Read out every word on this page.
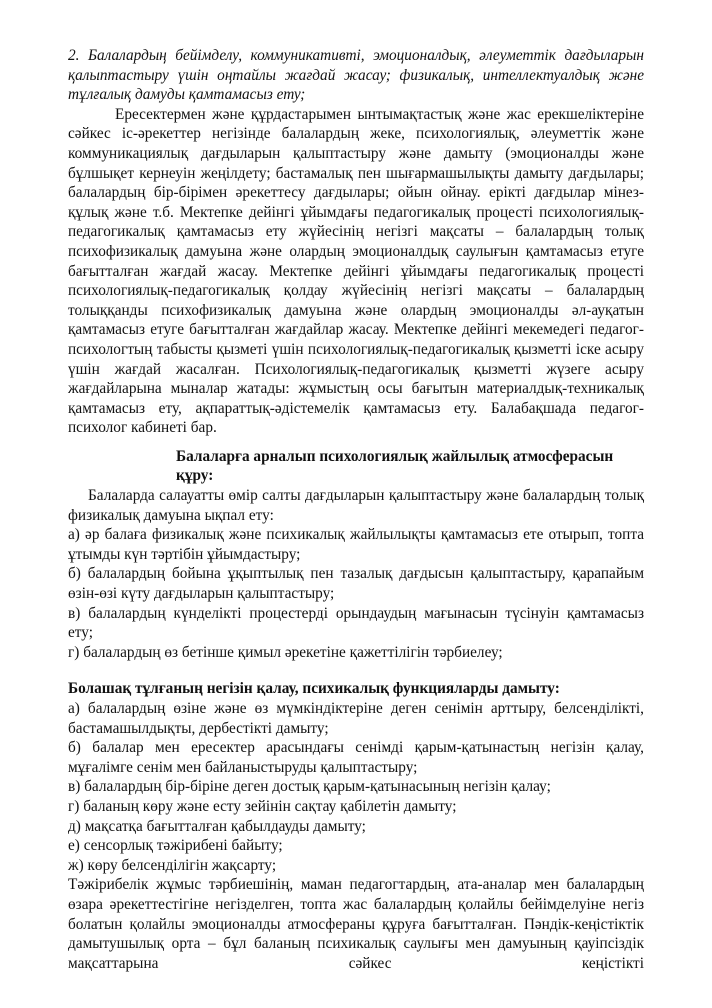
2. Балалардың бейімделу, коммуникативті, эмоционалдық, әлеуметтік дағдыларын қалыптастыру үшін оңтайлы жағдай жасау; физикалық, интеллектуалдық және тұлғалық дамуды қамтамасыз ету;

Ересектермен және құрдастарымен ынтымақтастық және жас ерекшеліктеріне сәйкес іс-әрекеттер негізінде балалардың жеке, психологиялық, әлеуметтік және коммуникациялық дағдыларын қалыптастыру және дамыту (эмоционалды және бұлшықет кернеуін жеңілдету; бастамалық пен шығармашылықты дамыту дағдылары; балалардың бір-бірімен әрекеттесу дағдылары; ойын ойнау. ерікті дағдылар мінез-құлық және т.б. Мектепке дейінгі ұйымдағы педагогикалық процесті психологиялық-педагогикалық қамтамасыз ету жүйесінің негізгі мақсаты – балалардың толық психофизикалық дамуына және олардың эмоционалдық саулығын қамтамасыз етуге бағытталған жағдай жасау. Мектепке дейінгі ұйымдағы педагогикалық процесті психологиялық-педагогикалық қолдау жүйесінің негізгі мақсаты – балалардың толыққанды психофизикалық дамуына және олардың эмоционалды әл-ауқатын қамтамасыз етуге бағытталған жағдайлар жасау. Мектепке дейінгі мекемедегі педагог-психологтың табысты қызметі үшін психологиялық-педагогикалық қызметті іске асыру үшін жағдай жасалған. Психологиялық-педагогикалық қызметті жүзеге асыру жағдайларына мыналар жатады: жұмыстың осы бағытын материалдық-техникалық қамтамасыз ету, ақпараттық-әдістемелік қамтамасыз ету. Балабақшада педагог-психолог кабинеті бар.

Балаларға арналып психологиялық жайлылық атмосферасын құру:

Балаларда салауатты өмір салты дағдыларын қалыптастыру және балалардың толық физикалық дамуына ықпал ету:

а) әр балаға физикалық және психикалық жайлылықты қамтамасыз ете отырып, топта ұтымды күн тәртібін ұйымдастыру;

б) балалардың бойына ұқыптылық пен тазалық дағдысын қалыптастыру, қарапайым өзін-өзі күту дағдыларын қалыптастыру;

в) балалардың күнделікті процестерді орындаудың мағынасын түсінуін қамтамасыз ету;

г) балалардың өз бетінше қимыл әрекетіне қажеттілігін тәрбиелеу;

Болашақ тұлғаның негізін қалау, психикалық функцияларды дамыту:

а) балалардың өзіне және өз мүмкіндіктеріне деген сенімін арттыру, белсенділікті, бастамашылдықты, дербестікті дамыту;

б) балалар мен ересектер арасындағы сенімді қарым-қатынастың негізін қалау, мұғалімге сенім мен байланыстыруды қалыптастыру;

в) балалардың бір-біріне деген достық қарым-қатынасының негізін қалау;

г) баланың көру және есту зейінін сақтау қабілетін дамыту;

д) мақсатқа бағытталған қабылдауды дамыту;

е) сенсорлық тәжірибені байыту;

ж) көру белсенділігін жақсарту;

Тәжірибелік жұмыс тәрбиешінің, маман педагогтардың, ата-аналар мен балалардың өзара әрекеттестігіне негізделген, топта жас балалардың қолайлы бейімделуіне негіз болатын қолайлы эмоционалды атмосфераны құруға бағытталған. Пәндік-кеңістіктік дамытушылық орта – бұл баланың психикалық саулығы мен дамуының қауіпсіздік мақсаттарына сәйкес кеңістікті
